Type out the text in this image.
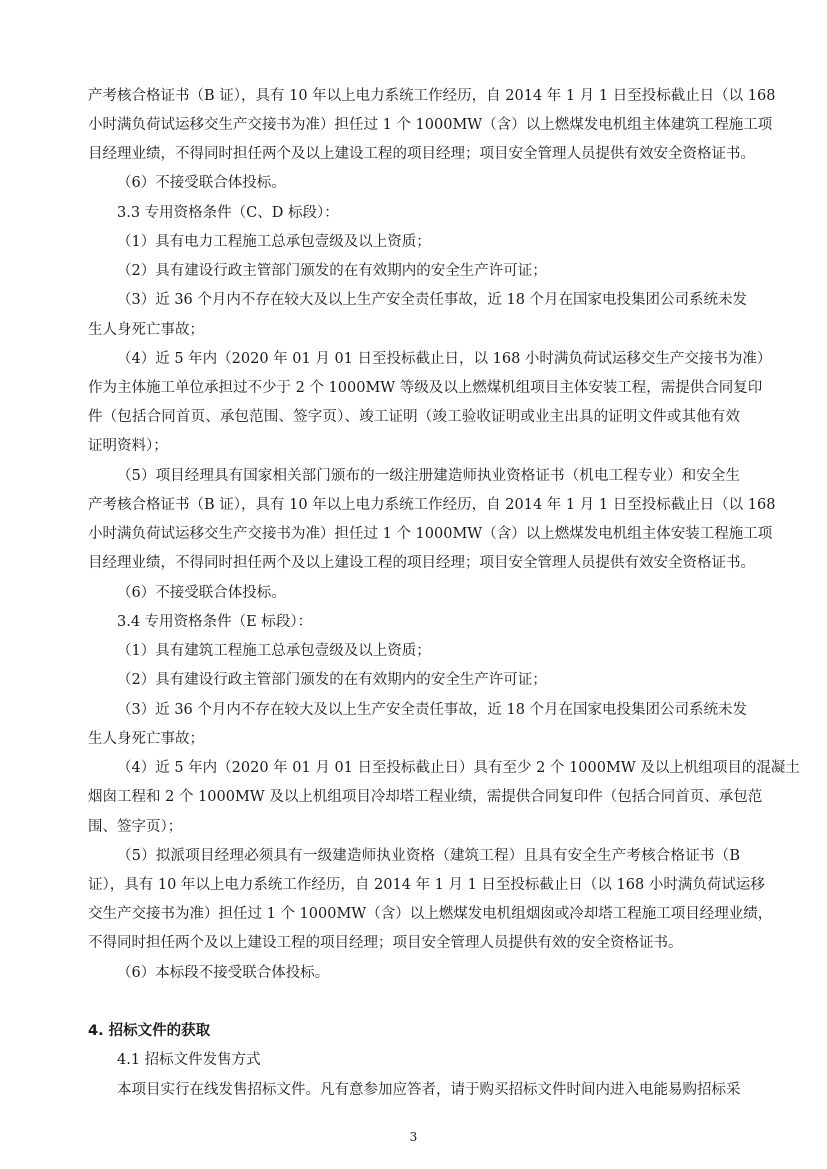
产考核合格证书（B 证），具有 10 年以上电力系统工作经历，自 2014 年 1 月 1 日至投标截止日（以 168

小时满负荷试运移交生产交接书为准）担任过 1 个 1000MW（含）以上燃煤发电机组主体建筑工程施工项

目经理业绩，不得同时担任两个及以上建设工程的项目经理；项目安全管理人员提供有效安全资格证书。

（6）不接受联合体投标。

3.3 专用资格条件（C、D 标段）：

（1）具有电力工程施工总承包壹级及以上资质；

（2）具有建设行政主管部门颁发的在有效期内的安全生产许可证；

（3）近 36 个月内不存在较大及以上生产安全责任事故，近 18 个月在国家电投集团公司系统未发

生人身死亡事故；

（4）近 5 年内（2020 年 01 月 01 日至投标截止日，以 168 小时满负荷试运移交生产交接书为准）

作为主体施工单位承担过不少于 2 个 1000MW 等级及以上燃煤机组项目主体安装工程，需提供合同复印

件（包括合同首页、承包范围、签字页）、竣工证明（竣工验收证明或业主出具的证明文件或其他有效

证明资料）；

（5）项目经理具有国家相关部门颁布的一级注册建造师执业资格证书（机电工程专业）和安全生

产考核合格证书（B 证），具有 10 年以上电力系统工作经历，自 2014 年 1 月 1 日至投标截止日（以 168

小时满负荷试运移交生产交接书为准）担任过 1 个 1000MW（含）以上燃煤发电机组主体安装工程施工项

目经理业绩，不得同时担任两个及以上建设工程的项目经理；项目安全管理人员提供有效安全资格证书。

（6）不接受联合体投标。

3.4 专用资格条件（E 标段）：

（1）具有建筑工程施工总承包壹级及以上资质；

（2）具有建设行政主管部门颁发的在有效期内的安全生产许可证；

（3）近 36 个月内不存在较大及以上生产安全责任事故，近 18 个月在国家电投集团公司系统未发

生人身死亡事故；

（4）近 5 年内（2020 年 01 月 01 日至投标截止日）具有至少 2 个 1000MW 及以上机组项目的混凝土

烟囱工程和 2 个 1000MW 及以上机组项目冷却塔工程业绩，需提供合同复印件（包括合同首页、承包范

围、签字页）；

（5）拟派项目经理必须具有一级建造师执业资格（建筑工程）且具有安全生产考核合格证书（B

证），具有 10 年以上电力系统工作经历，自 2014 年 1 月 1 日至投标截止日（以 168 小时满负荷试运移

交生产交接书为准）担任过 1 个 1000MW（含）以上燃煤发电机组烟囱或冷却塔工程施工项目经理业绩，

不得同时担任两个及以上建设工程的项目经理；项目安全管理人员提供有效的安全资格证书。

（6）本标段不接受联合体投标。

4. 招标文件的获取

4.1 招标文件发售方式

本项目实行在线发售招标文件。凡有意参加应答者，请于购买招标文件时间内进入电能易购招标采

3
